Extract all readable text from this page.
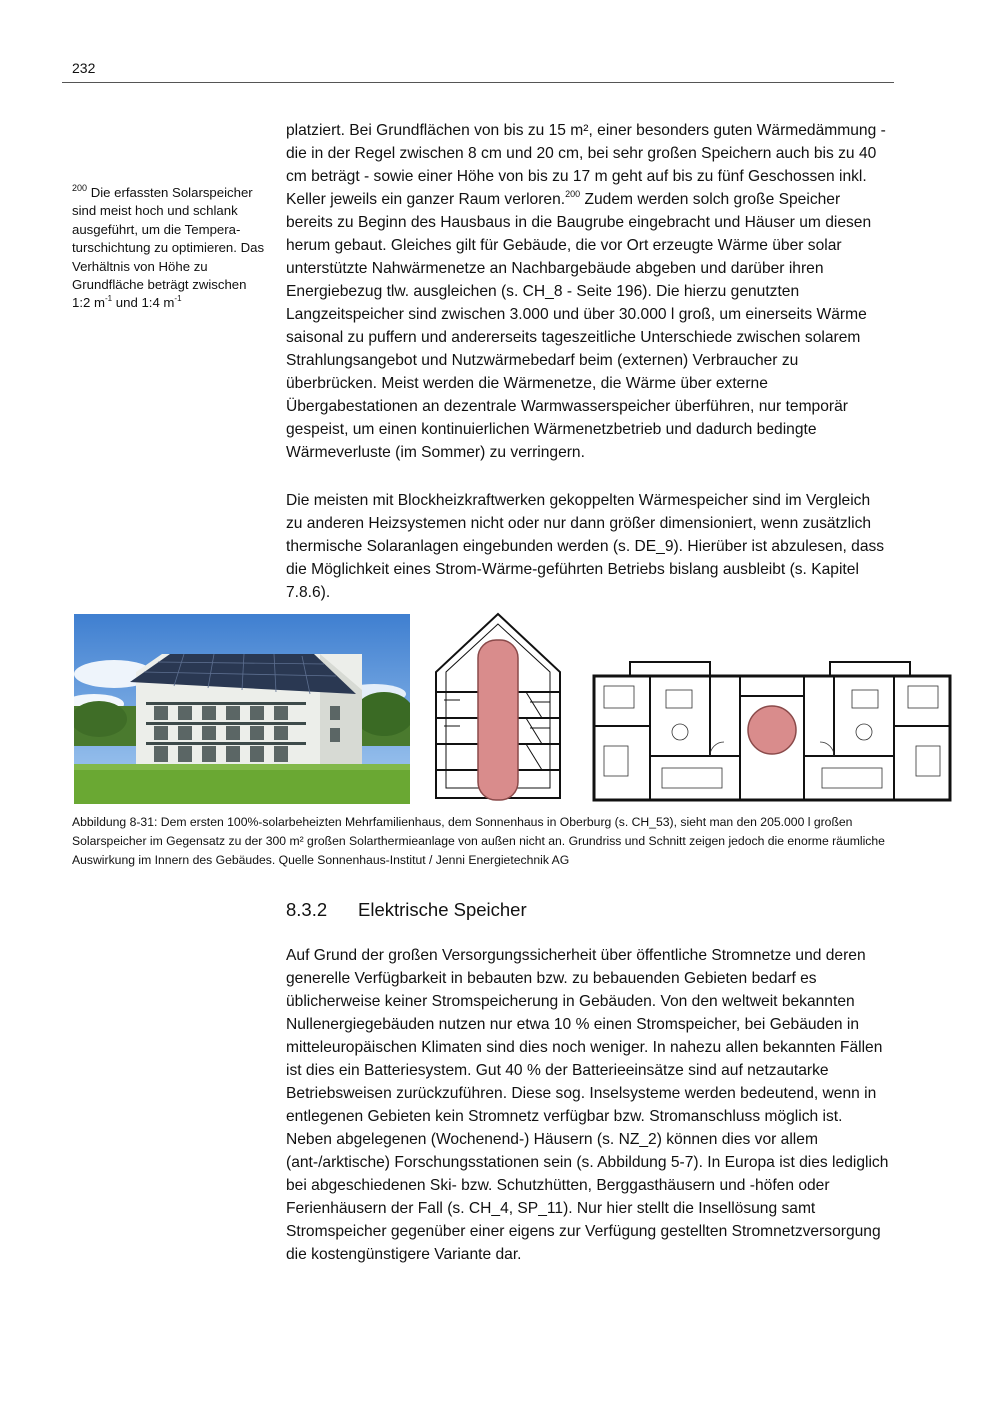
232
$^{200}$ Die erfassten Solarspeicher sind meist hoch und schlank ausgeführt, um die Temperaturschichtung zu optimieren. Das Verhältnis von Höhe zu Grundfläche beträgt zwischen
1:2 $m^{-1}$ und 1:4 $m^{-1}$

platziert. Bei Grundflächen von bis zu 15 m², einer besonders guten Wärmedämmung - die in der Regel zwischen 8 cm und 20 cm, bei sehr großen Speichern auch bis zu 40 cm beträgt - sowie einer Höhe von bis zu 17 m geht auf bis zu fünf Geschossen inkl. Keller jeweils ein ganzer Raum verloren.$^{200}$ Zudem werden solch große Speicher bereits zu Beginn des Hausbaus in die Baugrube eingebracht und Häuser um diesen herum gebaut. Gleiches gilt für Gebäude, die vor Ort erzeugte Wärme über solar unterstützte Nahwärmenetze an Nachbargebäude abgeben und darüber ihren Energiebezug tlw. ausgleichen (s. CH_8 - Seite 196). Die hierzu genutzten Langzeitspeicher sind zwischen 3.000 und über 30.000 l groß, um einerseits Wärme saisonal zu puffern und andererseits tageszeitliche Unterschiede zwischen solarem Strahlungsangebot und Nutzwärmebedarf beim (externen) Verbraucher zu überbrücken. Meist werden die Wärmenetze, die Wärme über externe Übergabestationen an dezentrale Warmwasserspeicher überführen, nur temporär gespeist, um einen kontinuierlichen Wärmenetzbetrieb und dadurch bedingte Wärmeverluste (im Sommer) zu verringern.

Die meisten mit Blockheizkraftwerken gekoppelten Wärmespeicher sind im Vergleich zu anderen Heizsystemen nicht oder nur dann größer dimensioniert, wenn zusätzlich thermische Solaranlagen eingebunden werden (s. DE_9). Hierüber ist abzulesen, dass die Möglichkeit eines Strom-Wärme-geführten Betriebs bislang ausbleibt (s. Kapitel 7.8.6).

Abbildung 8-31: Dem ersten 100%-solarbeheizten Mehrfamilienhaus, dem Sonnenhaus in Oberburg (s. CH_53), sieht man den 205.000 l großen Solarspeicher im Gegensatz zu der 300 m² großen Solarthermieanlage von außen nicht an. Grundriss und Schnitt zeigen jedoch die enorme räumliche Auswirkung im Innern des Gebäudes. Quelle Sonnenhaus-Institut / Jenni Energietechnik AG
8.3.2 Elektrische Speicher

Auf Grund der großen Versorgungssicherheit über öffentliche Stromnetze und deren generelle Verfügbarkeit in bebauten bzw. zu bebauenden Gebieten bedarf es üblicherweise keiner Stromspeicherung in Gebäuden. Von den weltweit bekannten Nullenergiegebäuden nutzen nur etwa 10 % einen Stromspeicher, bei Gebäuden in mitteleuropäischen Klimaten sind dies noch weniger. In nahezu allen bekannten Fällen ist dies ein Batteriesystem. Gut 40 % der Batterieeinsätze sind auf netzautarke Betriebsweisen zurückzuführen. Diese sog. Inselsysteme werden bedeutend, wenn in entlegenen Gebieten kein Stromnetz verfügbar bzw. Stromanschluss möglich ist. Neben abgelegenen (Wochenend-) Häusern (s. NZ_2) können dies vor allem (ant-/arktische) Forschungsstationen sein (s. Abbildung 5-7). In Europa ist dies lediglich bei abgeschiedenen Ski- bzw. Schutzhütten, Berggasthäusern und -höfen oder Ferienhäusern der Fall (s. CH_4, SP_11). Nur hier stellt die Insellösung samt Stromspeicher gegenüber einer eigens zur Verfügung gestellten Stromnetzversorgung die kostengünstigere Variante dar.
